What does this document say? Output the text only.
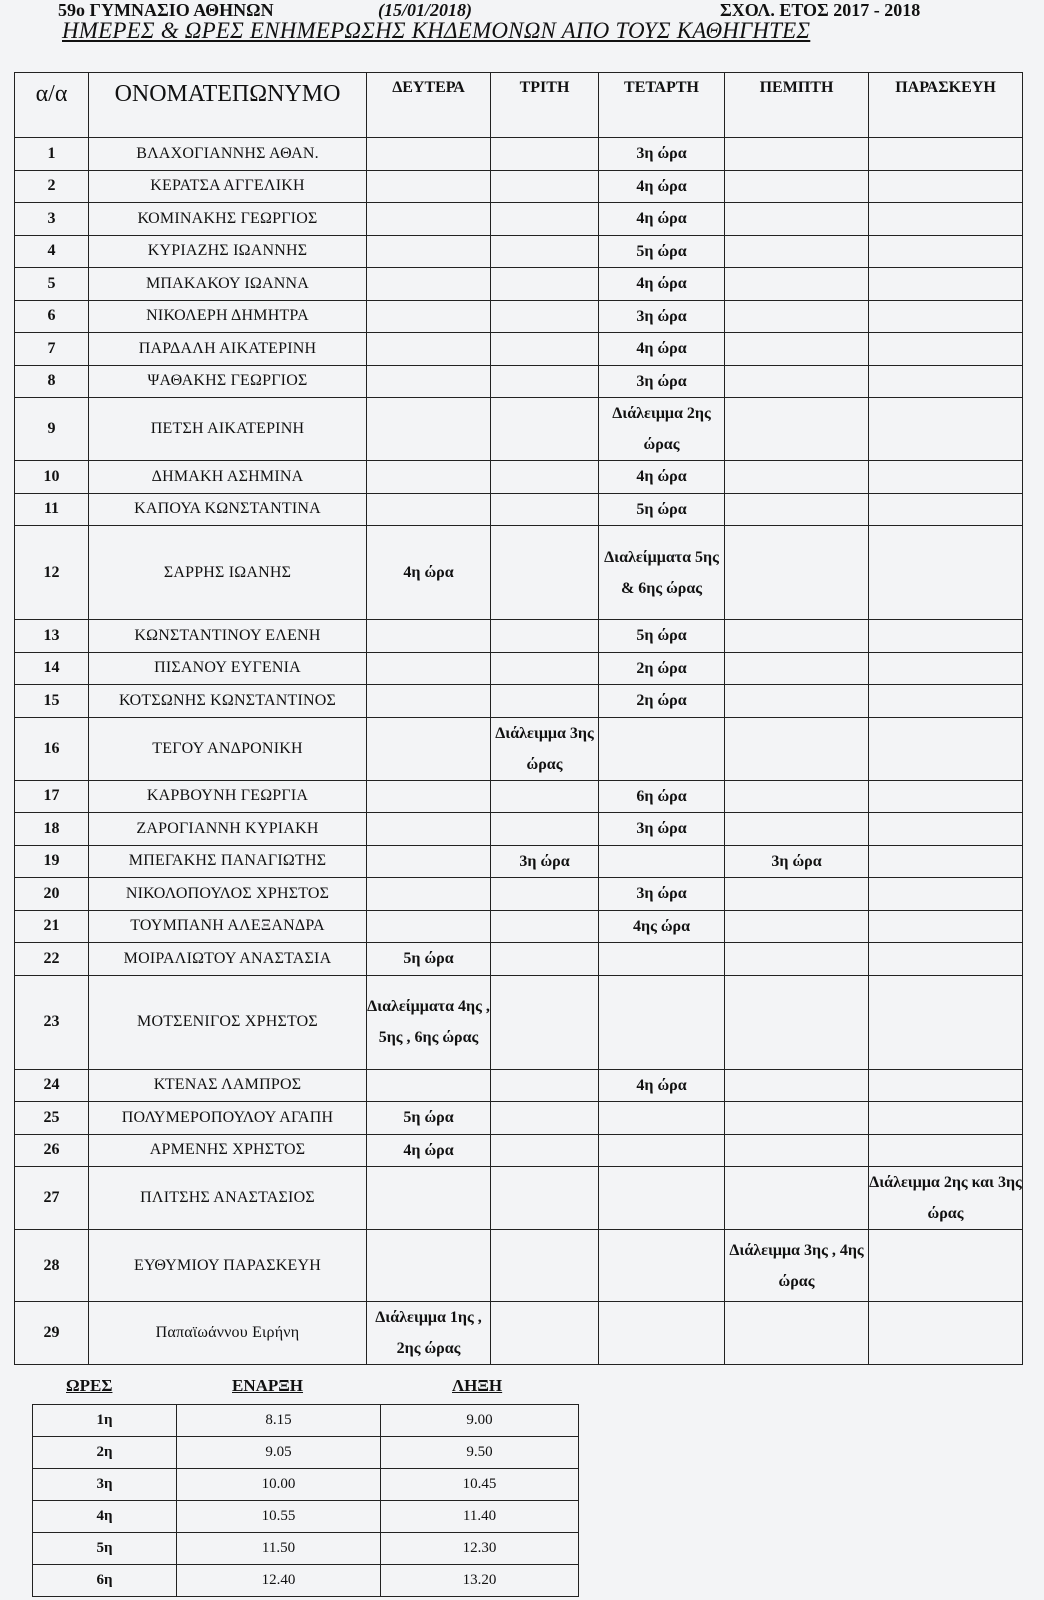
59ο ΓΥΜΝΑΣΙΟ ΑΘΗΝΩΝ	(15/01/2018)	ΣΧΟΛ. ΕΤΟΣ 2017 - 2018
ΗΜΕΡΕΣ & ΩΡΕΣ ΕΝΗΜΕΡΩΣΗΣ ΚΗΔΕΜΟΝΩΝ ΑΠΟ ΤΟΥΣ ΚΑΘΗΓΗΤΕΣ
α/α	ΟΝΟΜΑΤΕΠΩΝΥΜΟ	ΔΕΥΤΕΡΑ	ΤΡΙΤΗ	ΤΕΤΑΡΤΗ	ΠΕΜΠΤΗ	ΠΑΡΑΣΚΕΥΗ
1	ΒΛΑΧΟΓΙΑΝΝΗΣ ΑΘΑΝ.			3η ώρα		
2	ΚΕΡΑΤΣΑ ΑΓΓΕΛΙΚΗ			4η ώρα		
3	ΚΟΜΙΝΑΚΗΣ ΓΕΩΡΓΙΟΣ			4η ώρα		
4	ΚΥΡΙΑΖΗΣ ΙΩΑΝΝΗΣ			5η ώρα		
5	ΜΠΑΚΑΚΟΥ ΙΩΑΝΝΑ			4η ώρα		
6	ΝΙΚΟΛΕΡΗ ΔΗΜΗΤΡΑ			3η ώρα		
7	ΠΑΡΔΑΛΗ ΑΙΚΑΤΕΡΙΝΗ			4η ώρα		
8	ΨΑΘΑΚΗΣ ΓΕΩΡΓΙΟΣ			3η ώρα		
9	ΠΕΤΣΗ ΑΙΚΑΤΕΡΙΝΗ			Διάλειμμα 2ης ώρας		
10	ΔΗΜΑΚΗ ΑΣΗΜΙΝΑ			4η ώρα		
11	ΚΑΠΟΥΑ ΚΩΝΣΤΑΝΤΙΝΑ			5η ώρα		
12	ΣΑΡΡΗΣ ΙΩΑΝΗΣ	4η ώρα		Διαλείμματα 5ης & 6ης ώρας		
13	ΚΩΝΣΤΑΝΤΙΝΟΥ ΕΛΕΝΗ			5η ώρα		
14	ΠΙΣΑΝΟΥ ΕΥΓΕΝΙΑ			2η ώρα		
15	ΚΟΤΣΩΝΗΣ ΚΩΝΣΤΑΝΤΙΝΟΣ			2η ώρα		
16	ΤΕΓΟΥ ΑΝΔΡΟΝΙΚΗ		Διάλειμμα 3ης ώρας			
17	ΚΑΡΒΟΥΝΗ ΓΕΩΡΓΙΑ			6η ώρα		
18	ΖΑΡΟΓΙΑΝΝΗ ΚΥΡΙΑΚΗ			3η ώρα		
19	ΜΠΕΓΑΚΗΣ ΠΑΝΑΓΙΩΤΗΣ		3η ώρα		3η ώρα	
20	ΝΙΚΟΛΟΠΟΥΛΟΣ ΧΡΗΣΤΟΣ			3η ώρα		
21	ΤΟΥΜΠΑΝΗ ΑΛΕΞΑΝΔΡΑ			4ης ώρα		
22	ΜΟΙΡΑΛΙΩΤΟΥ ΑΝΑΣΤΑΣΙΑ	5η ώρα				
23	ΜΟΤΣΕΝΙΓΟΣ ΧΡΗΣΤΟΣ	Διαλείμματα 4ης , 5ης , 6ης ώρας				
24	ΚΤΕΝΑΣ ΛΑΜΠΡΟΣ			4η ώρα		
25	ΠΟΛΥΜΕΡΟΠΟΥΛΟΥ ΑΓΑΠΗ	5η ώρα				
26	ΑΡΜΕΝΗΣ ΧΡΗΣΤΟΣ	4η ώρα				
27	ΠΛΙΤΣΗΣ ΑΝΑΣΤΑΣΙΟΣ					Διάλειμμα 2ης και 3ης ώρας
28	ΕΥΘΥΜΙΟΥ ΠΑΡΑΣΚΕΥΗ				Διάλειμμα 3ης , 4ης ώρας	
29	Παπαϊωάννου Ειρήνη	Διάλειμμα 1ης , 2ης ώρας				
ΩΡΕΣ	ΕΝΑΡΞΗ	ΛΗΞΗ
1η	8.15	9.00
2η	9.05	9.50
3η	10.00	10.45
4η	10.55	11.40
5η	11.50	12.30
6η	12.40	13.20
